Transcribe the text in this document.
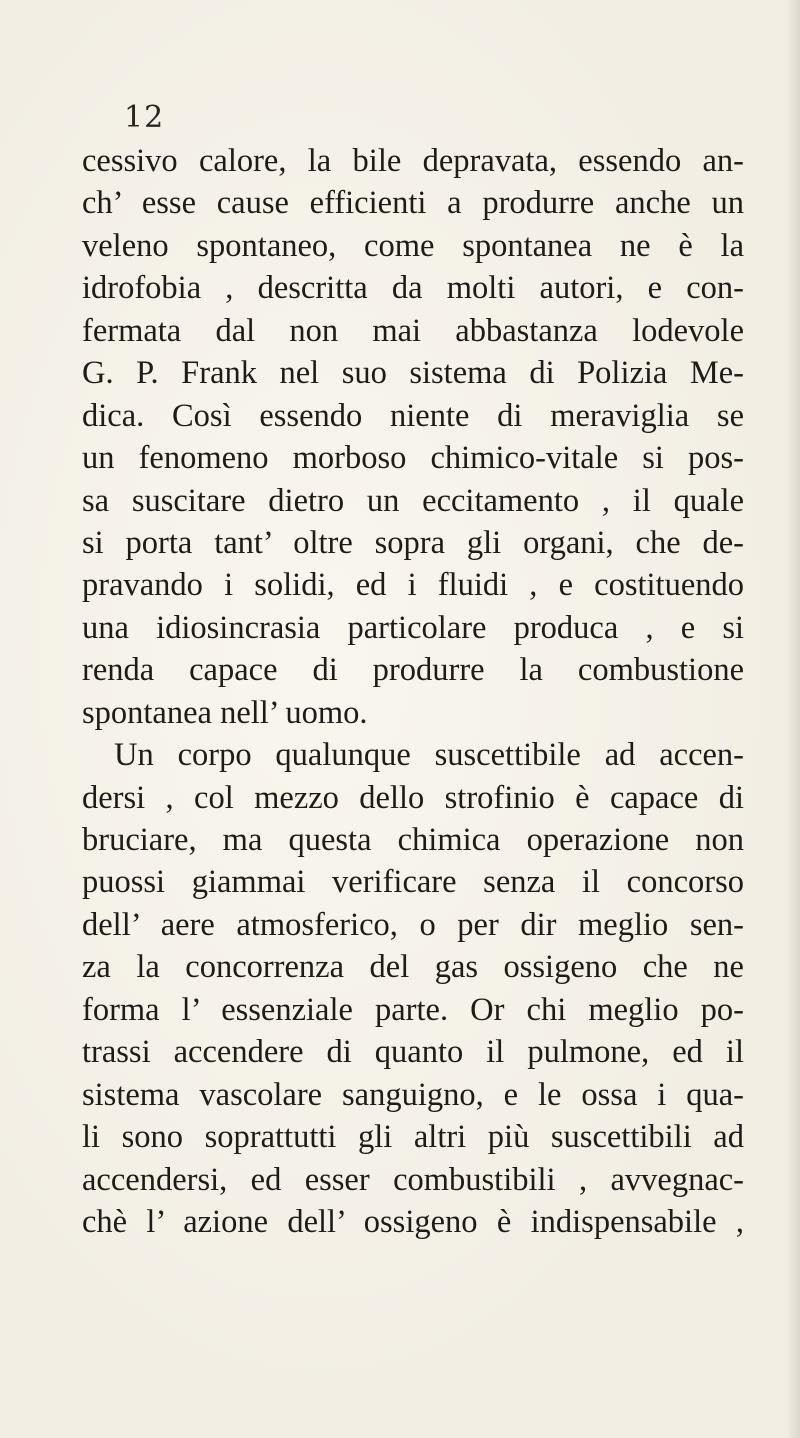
12
cessivo calore, la bile depravata, essendo an-
ch’ esse cause efficienti a produrre anche un
veleno spontaneo, come spontanea ne è la
idrofobia , descritta da molti autori, e con-
fermata dal non mai abbastanza lodevole
G. P. Frank nel suo sistema di Polizia Me-
dica. Così essendo niente di meraviglia se
un fenomeno morboso chimico-vitale si pos-
sa suscitare dietro un eccitamento , il quale
si porta tant’ oltre sopra gli organi, che de-
pravando i solidi, ed i fluidi , e costituendo
una idiosincrasia particolare produca , e si
renda capace di produrre la combustione
spontanea nell’ uomo.
Un corpo qualunque suscettibile ad accen-
dersi , col mezzo dello strofinio è capace di
bruciare, ma questa chimica operazione non
puossi giammai verificare senza il concorso
dell’ aere atmosferico, o per dir meglio sen-
za la concorrenza del gas ossigeno che ne
forma l’ essenziale parte. Or chi meglio po-
trassi accendere di quanto il pulmone, ed il
sistema vascolare sanguigno, e le ossa i qua-
li sono soprattutti gli altri più suscettibili ad
accendersi, ed esser combustibili , avvegnac-
chè l’ azione dell’ ossigeno è indispensabile ,
